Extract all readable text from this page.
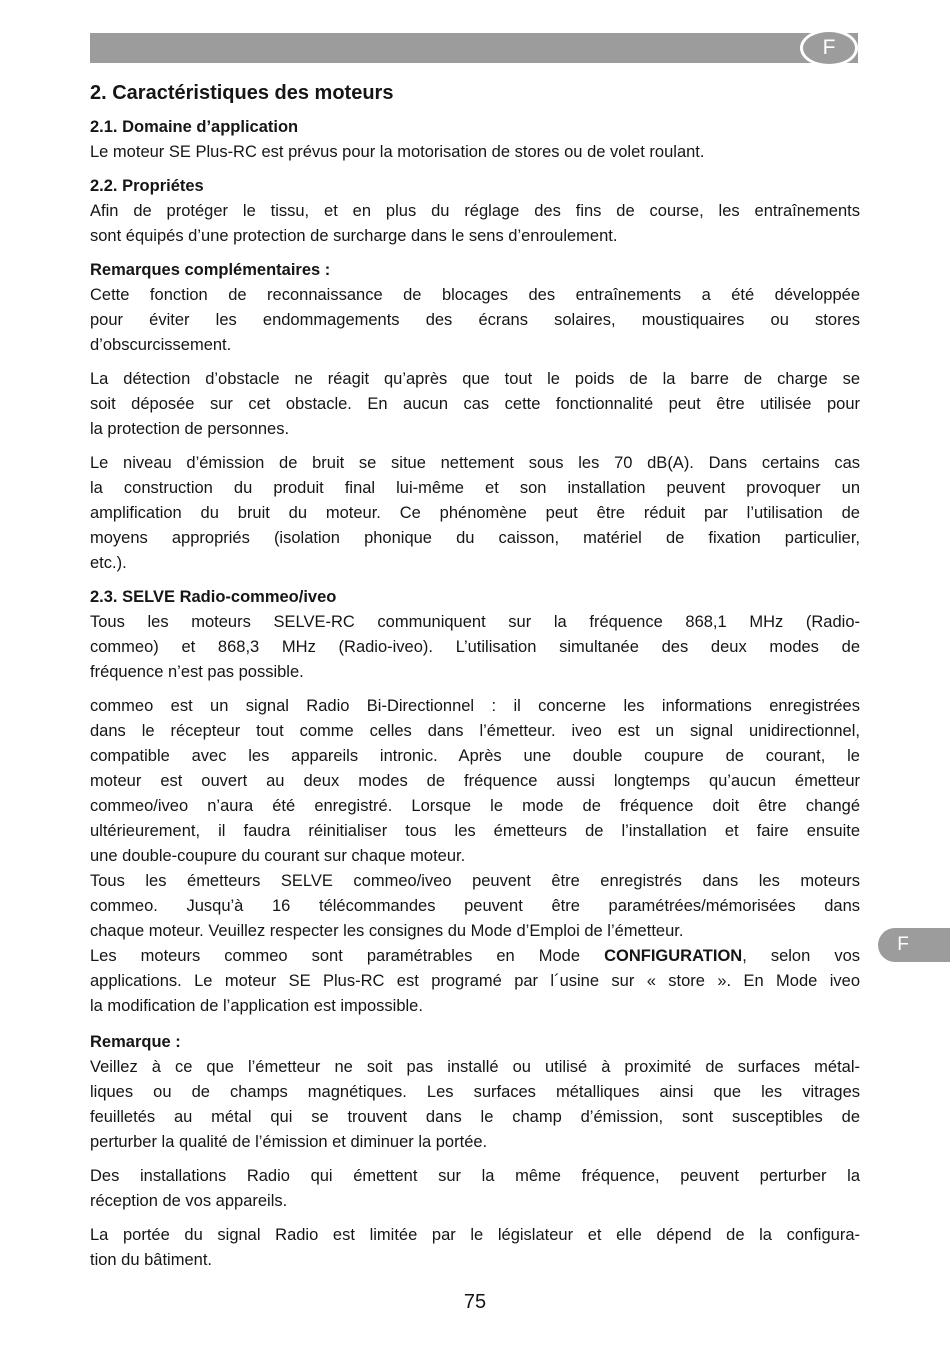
F
F
2. Caractéristiques des moteurs
2.1. Domaine d’application
Le moteur SE Plus-RC est prévus pour la motorisation de stores ou de volet roulant.
2.2. Propriétes
Afin de protéger le tissu, et en plus du réglage des fins de course, les entraînements
sont équipés d’une protection de surcharge dans le sens d’enroulement.
Remarques complémentaires :
Cette fonction de reconnaissance de blocages des entraînements a été développée
pour éviter les endommagements des écrans solaires, moustiquaires ou stores
d’obscurcissement.
La détection d’obstacle ne réagit qu’après que tout le poids de la barre de charge se
soit déposée sur cet obstacle. En aucun cas cette fonctionnalité peut être utilisée pour
la protection de personnes.
Le niveau d’émission de bruit se situe nettement sous les 70 dB(A). Dans certains cas
la construction du produit final lui-même et son installation peuvent provoquer un
amplification du bruit du moteur. Ce phénomène peut être réduit par l’utilisation de
moyens appropriés (isolation phonique du caisson, matériel de fixation particulier,
etc.).
2.3. SELVE Radio-commeo/iveo
Tous les moteurs SELVE-RC communiquent sur la fréquence 868,1 MHz (Radio-
commeo) et 868,3 MHz (Radio-iveo). L’utilisation simultanée des deux modes de
fréquence n’est pas possible.
commeo est un signal Radio Bi-Directionnel : il concerne les informations enregistrées
dans le récepteur tout comme celles dans l’émetteur. iveo est un signal unidirectionnel,
compatible avec les appareils intronic. Après une double coupure de courant, le
moteur est ouvert au deux modes de fréquence aussi longtemps qu’aucun émetteur
commeo/iveo n’aura été enregistré. Lorsque le mode de fréquence doit être changé
ultérieurement, il faudra réinitialiser tous les émetteurs de l’installation et faire ensuite
une double-coupure du courant sur chaque moteur.
Tous les émetteurs SELVE commeo/iveo peuvent être enregistrés dans les moteurs
commeo. Jusqu’à 16 télécommandes peuvent être paramétrées/mémorisées dans
chaque moteur. Veuillez respecter les consignes du Mode d’Emploi de l’émetteur.
Les moteurs commeo sont paramétrables en Mode CONFIGURATION, selon vos
applications. Le moteur SE Plus-RC est programé par l´usine sur « store ». En Mode iveo
la modification de l’application est impossible.
Remarque :
Veillez à ce que l’émetteur ne soit pas installé ou utilisé à proximité de surfaces métal-
liques ou de champs magnétiques. Les surfaces métalliques ainsi que les vitrages
feuilletés au métal qui se trouvent dans le champ d’émission, sont susceptibles de
perturber la qualité de l’émission et diminuer la portée.
Des installations Radio qui émettent sur la même fréquence, peuvent perturber la
réception de vos appareils.
La portée du signal Radio est limitée par le législateur et elle dépend de la configura-
tion du bâtiment.
75
